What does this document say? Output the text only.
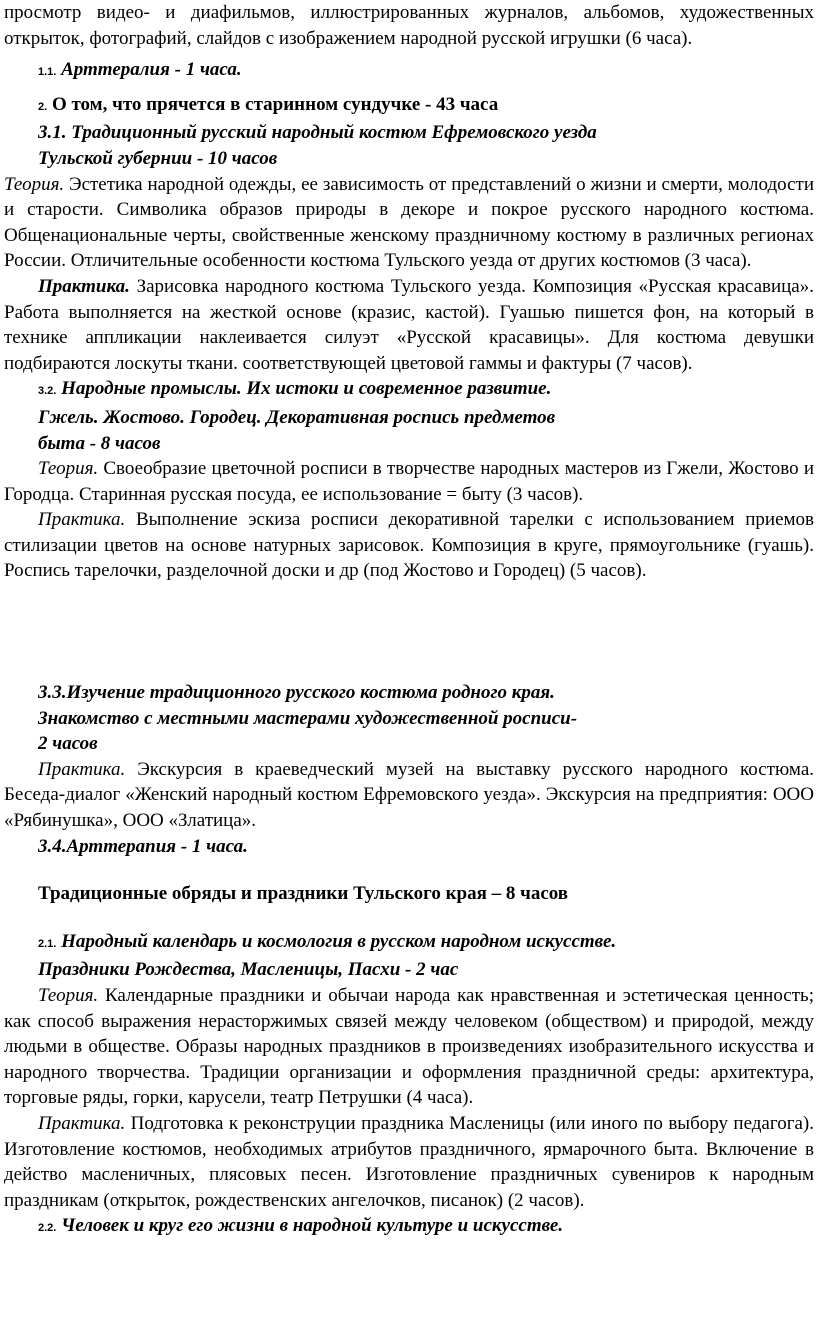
просмотр видео- и диафильмов, иллюстрированных журналов, альбомов, художественных открыток, фотографий, слайдов с изображением народной русской игрушки (6 часа).

1.1. Арттералия - 1 часа.

2. О том, что прячется в старинном сундучке - 43 часа

3.1. Традиционный русский народный костюм Ефремовского уезда

Тульской губернии - 10 часов

Теория. Эстетика народной одежды, ее зависимость от представлений о жизни и смерти, молодости и старости. Символика образов природы в декоре и покрое русского народного костюма. Общенациональные черты, свойственные женскому праздничному костюму в различных регионах России. Отличительные особенности костюма Тульского уезда от других костюмов (3 часа).

Практика. Зарисовка народного костюма Тульского уезда. Композиция «Русская красавица». Работа выполняется на жесткой основе (кразис, кастой). Гуашью пишется фон, на который в технике аппликации наклеивается силуэт «Русской красавицы». Для костюма девушки подбираются лоскуты ткани. соответствующей цветовой гаммы и фактуры (7 часов).

3.2. Народные промыслы. Их истоки и современное развитие.

Гжель. Жостово. Городец. Декоративная роспись предметов

быта - 8 часов

Теория. Своеобразие цветочной росписи в творчестве народных мастеров из Гжели, Жостово и Городца. Старинная русская посуда, ее использование = быту (3 часов).

Практика. Выполнение эскиза росписи декоративной тарелки с использованием приемов стилизации цветов на основе натурных зарисовок. Композиция в круге, прямоугольнике (гуашь). Роспись тарелочки, разделочной доски и др (под Жостово и Городец) (5 часов).

3.3.Изучение традиционного русского костюма родного края.

Знакомство с местными мастерами художественной росписи-

2 часов

Практика. Экскурсия в краеведческий музей на выставку русского народного костюма. Беседа-диалог «Женский народный костюм Ефремовского уезда». Экскурсия на предприятия: ООО «Рябинушка», ООО «Златица».

3.4.Арттерапия - 1 часа.

Традиционные обряды и праздники Тульского края – 8 часов

2.1. Народный календарь и космология в русском народном искусстве.

Праздники Рождества, Масленицы, Пасхи - 2 час

Теория. Календарные праздники и обычаи народа как нравственная и эстетическая ценность; как способ выражения нерасторжимых связей между человеком (обществом) и природой, между людьми в обществе. Образы народных праздников в произведениях изобразительного искусства и народного творчества. Традиции организации и оформления праздничной среды: архитектура, торговые ряды, горки, карусели, театр Петрушки (4 часа).

Практика. Подготовка к реконструции праздника Масленицы (или иного по выбору педагога). Изготовление костюмов, необходимых атрибутов праздничного, ярмарочного быта. Включение в действо масленичных, плясовых песен. Изготовление праздничных сувениров к народным праздникам (открыток, рождественских ангелочков, писанок) (2 часов).

2.2. Человек и круг его жизни в народной культуре и искусстве.
